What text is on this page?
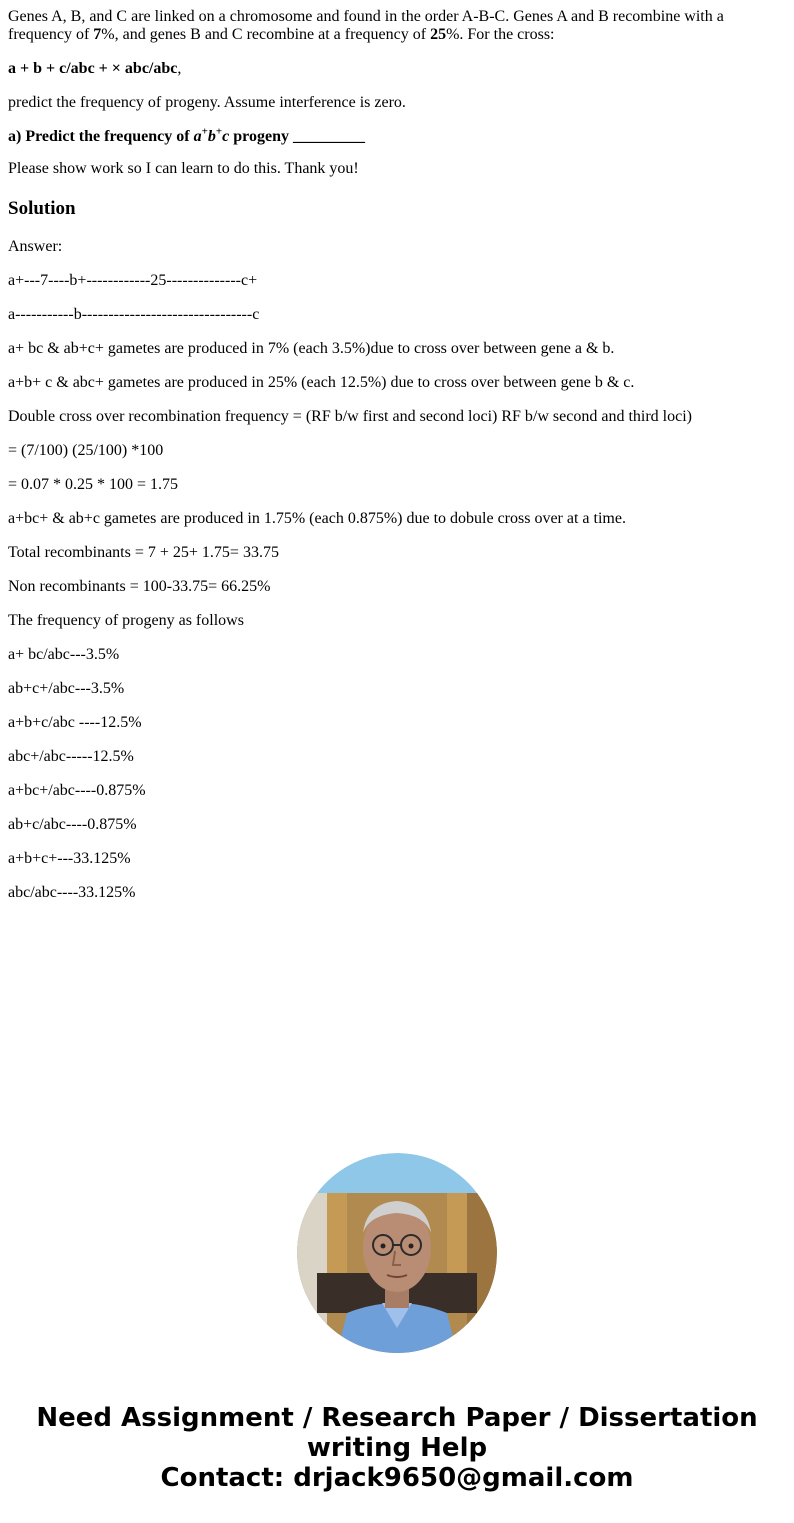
Genes A, B, and C are linked on a chromosome and found in the order A-B-C. Genes A and B recombine with a frequency of 7%, and genes B and C recombine at a frequency of 25%. For the cross:

a + b + c/abc + × abc/abc,

predict the frequency of progeny. Assume interference is zero.

a) Predict the frequency of a+b+c progeny _________

Please show work so I can learn to do this. Thank you!

Solution

Answer:

a+---7----b+------------25--------------c+

a-----------b--------------------------------c

a+ bc & ab+c+ gametes are produced in 7% (each 3.5%)due to cross over between gene a & b.

a+b+ c & abc+ gametes are produced in 25% (each 12.5%) due to cross over between gene b & c.

Double cross over recombination frequency = (RF b/w first and second loci) RF b/w second and third loci)

= (7/100) (25/100) *100

= 0.07 * 0.25 * 100 = 1.75

a+bc+ & ab+c gametes are produced in 1.75% (each 0.875%) due to dobule cross over at a time.

Total recombinants = 7 + 25+ 1.75= 33.75

Non recombinants = 100-33.75= 66.25%

The frequency of progeny as follows

a+ bc/abc---3.5%

ab+c+/abc---3.5%

a+b+c/abc ----12.5%

abc+/abc-----12.5%

a+bc+/abc----0.875%

ab+c/abc----0.875%

a+b+c+---33.125%

abc/abc----33.125%

Need Assignment / Research Paper / Dissertation
writing Help
Contact: drjack9650@gmail.com
